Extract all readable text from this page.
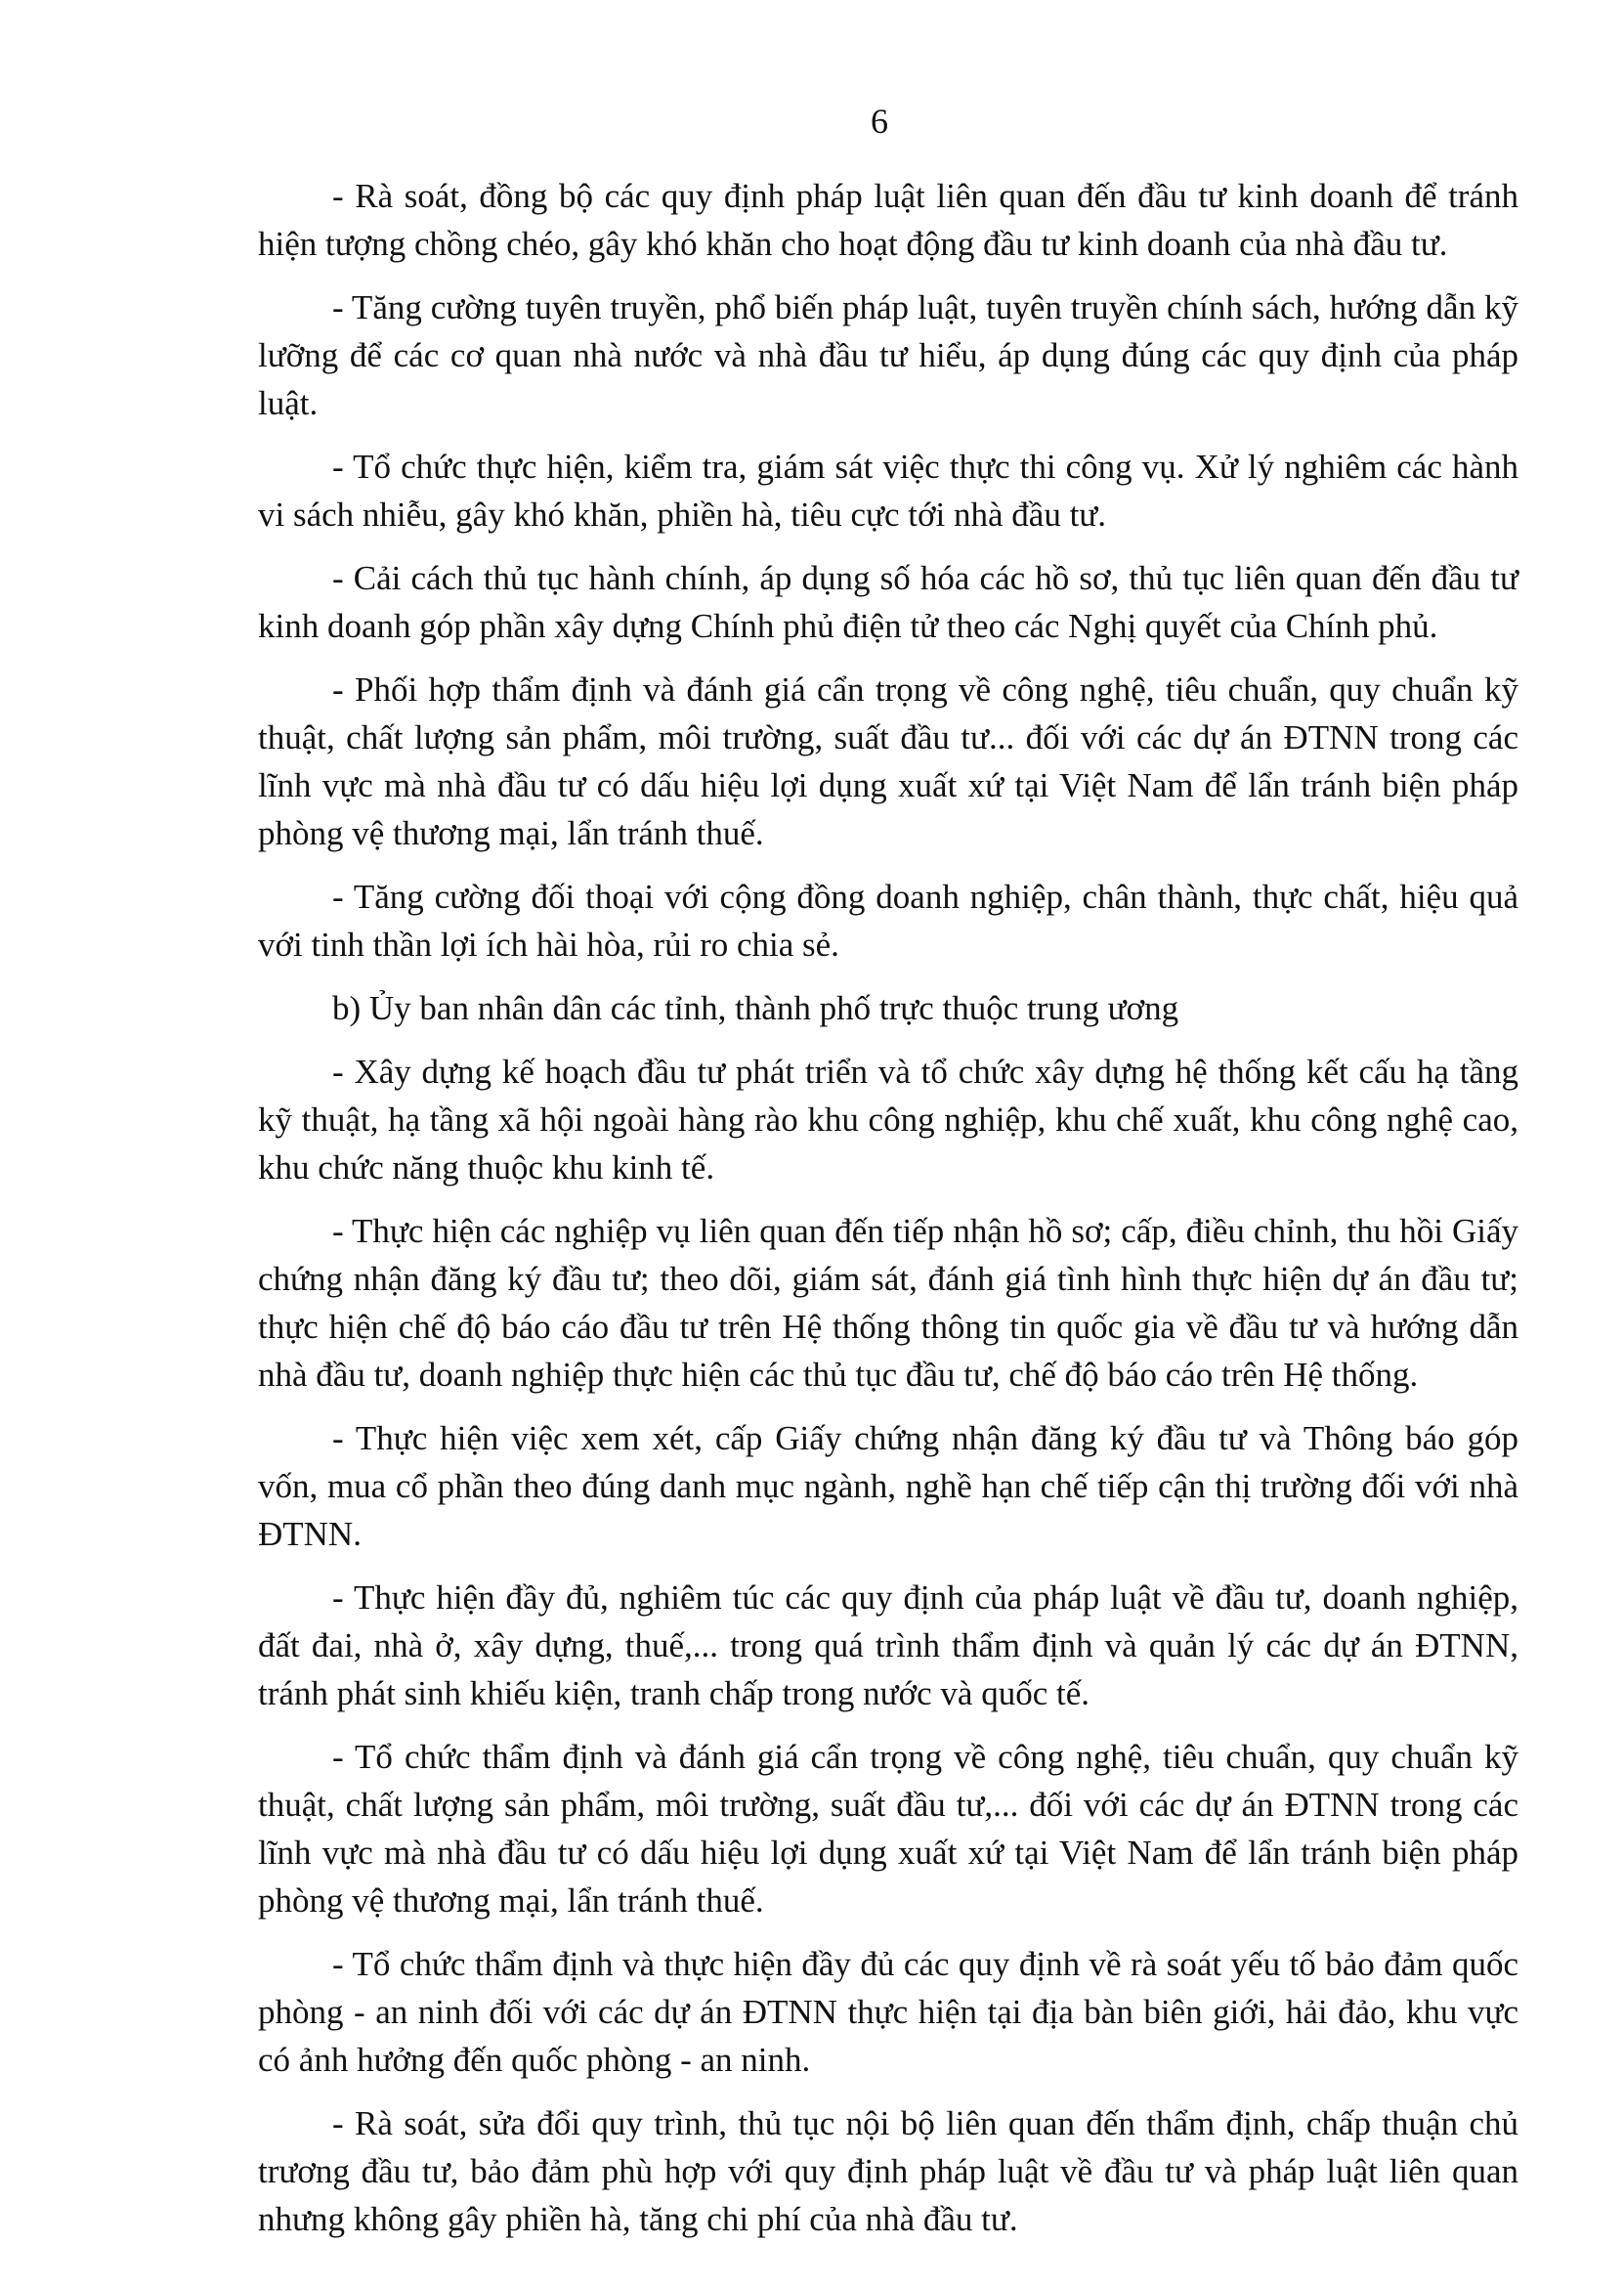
6

- Rà soát, đồng bộ các quy định pháp luật liên quan đến đầu tư kinh doanh để tránh hiện tượng chồng chéo, gây khó khăn cho hoạt động đầu tư kinh doanh của nhà đầu tư.

- Tăng cường tuyên truyền, phổ biến pháp luật, tuyên truyền chính sách, hướng dẫn kỹ lưỡng để các cơ quan nhà nước và nhà đầu tư hiểu, áp dụng đúng các quy định của pháp luật.

- Tổ chức thực hiện, kiểm tra, giám sát việc thực thi công vụ. Xử lý nghiêm các hành vi sách nhiễu, gây khó khăn, phiền hà, tiêu cực tới nhà đầu tư.

- Cải cách thủ tục hành chính, áp dụng số hóa các hồ sơ, thủ tục liên quan đến đầu tư kinh doanh góp phần xây dựng Chính phủ điện tử theo các Nghị quyết của Chính phủ.

- Phối hợp thẩm định và đánh giá cẩn trọng về công nghệ, tiêu chuẩn, quy chuẩn kỹ thuật, chất lượng sản phẩm, môi trường, suất đầu tư... đối với các dự án ĐTNN trong các lĩnh vực mà nhà đầu tư có dấu hiệu lợi dụng xuất xứ tại Việt Nam để lẩn tránh biện pháp phòng vệ thương mại, lẩn tránh thuế.

- Tăng cường đối thoại với cộng đồng doanh nghiệp, chân thành, thực chất, hiệu quả với tinh thần lợi ích hài hòa, rủi ro chia sẻ.

b) Ủy ban nhân dân các tỉnh, thành phố trực thuộc trung ương

- Xây dựng kế hoạch đầu tư phát triển và tổ chức xây dựng hệ thống kết cấu hạ tầng kỹ thuật, hạ tầng xã hội ngoài hàng rào khu công nghiệp, khu chế xuất, khu công nghệ cao, khu chức năng thuộc khu kinh tế.

- Thực hiện các nghiệp vụ liên quan đến tiếp nhận hồ sơ; cấp, điều chỉnh, thu hồi Giấy chứng nhận đăng ký đầu tư; theo dõi, giám sát, đánh giá tình hình thực hiện dự án đầu tư; thực hiện chế độ báo cáo đầu tư trên Hệ thống thông tin quốc gia về đầu tư và hướng dẫn nhà đầu tư, doanh nghiệp thực hiện các thủ tục đầu tư, chế độ báo cáo trên Hệ thống.

- Thực hiện việc xem xét, cấp Giấy chứng nhận đăng ký đầu tư và Thông báo góp vốn, mua cổ phần theo đúng danh mục ngành, nghề hạn chế tiếp cận thị trường đối với nhà ĐTNN.

- Thực hiện đầy đủ, nghiêm túc các quy định của pháp luật về đầu tư, doanh nghiệp, đất đai, nhà ở, xây dựng, thuế,... trong quá trình thẩm định và quản lý các dự án ĐTNN, tránh phát sinh khiếu kiện, tranh chấp trong nước và quốc tế.

- Tổ chức thẩm định và đánh giá cẩn trọng về công nghệ, tiêu chuẩn, quy chuẩn kỹ thuật, chất lượng sản phẩm, môi trường, suất đầu tư,... đối với các dự án ĐTNN trong các lĩnh vực mà nhà đầu tư có dấu hiệu lợi dụng xuất xứ tại Việt Nam để lẩn tránh biện pháp phòng vệ thương mại, lẩn tránh thuế.

- Tổ chức thẩm định và thực hiện đầy đủ các quy định về rà soát yếu tố bảo đảm quốc phòng - an ninh đối với các dự án ĐTNN thực hiện tại địa bàn biên giới, hải đảo, khu vực có ảnh hưởng đến quốc phòng - an ninh.

- Rà soát, sửa đổi quy trình, thủ tục nội bộ liên quan đến thẩm định, chấp thuận chủ trương đầu tư, bảo đảm phù hợp với quy định pháp luật về đầu tư và pháp luật liên quan nhưng không gây phiền hà, tăng chi phí của nhà đầu tư.
